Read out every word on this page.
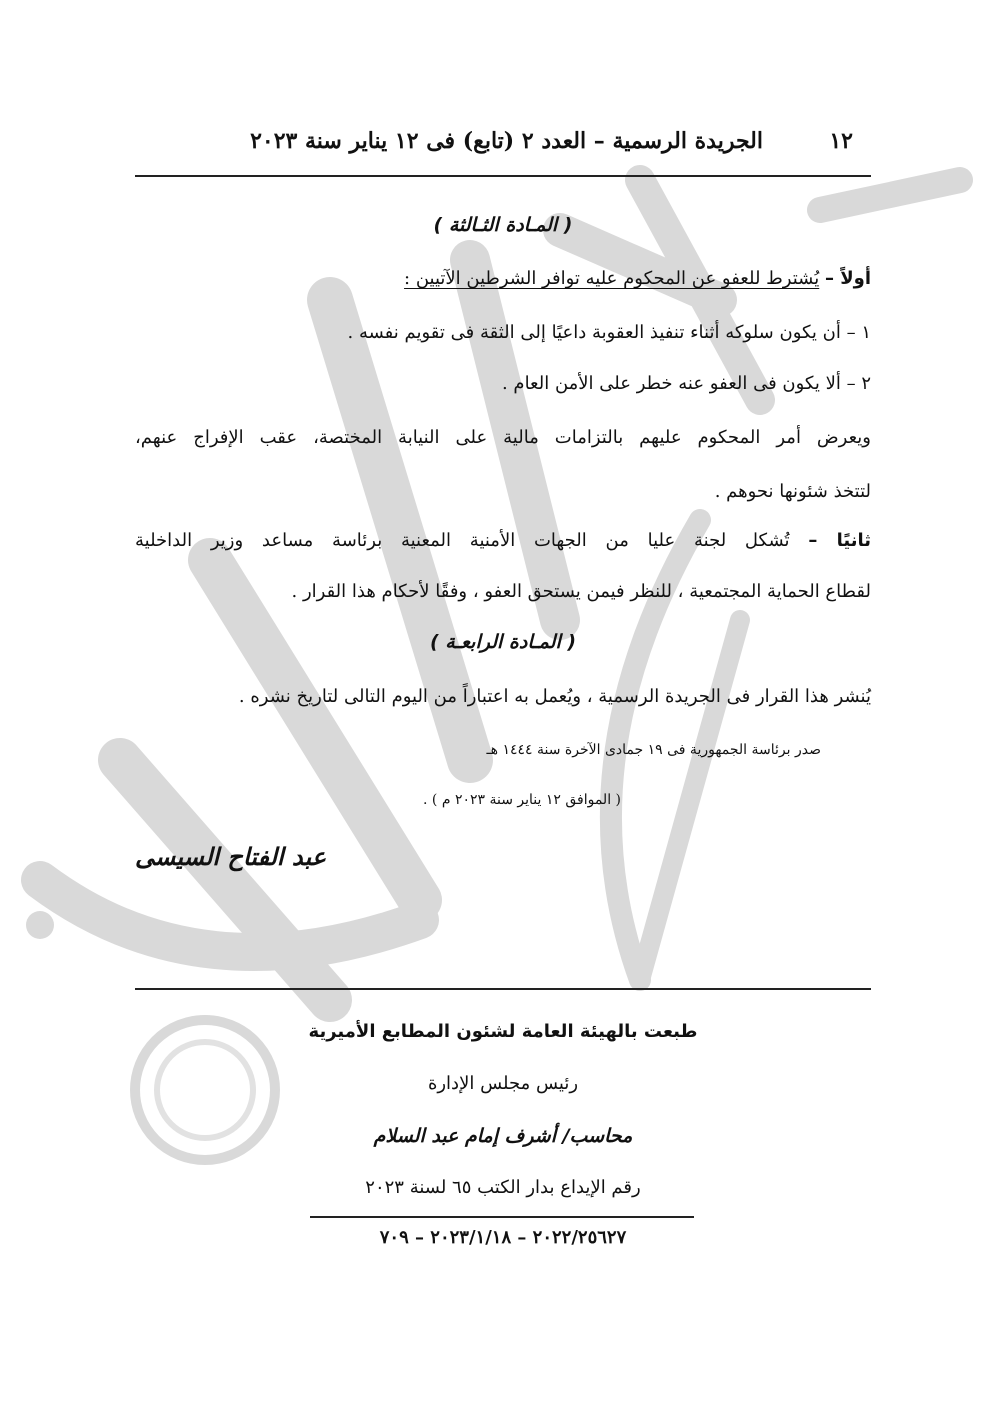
١٢
الجريدة الرسمية – العدد ٢ (تابع) فى ١٢ يناير سنة ٢٠٢٣
( المـادة الثـالثة )
أولاً – يُشترط للعفو عن المحكوم عليه توافر الشرطين الآتيين :
١ – أن يكون سلوكه أثناء تنفيذ العقوبة داعيًا إلى الثقة فى تقويم نفسه .
٢ – ألا يكون فى العفو عنه خطر على الأمن العام .
ويعرض أمر المحكوم عليهم بالتزامات مالية على النيابة المختصة، عقب الإفراج عنهم،
لتتخذ شئونها نحوهم .
ثانيًا – تُشكل لجنة عليا من الجهات الأمنية المعنية برئاسة مساعد وزير الداخلية
لقطاع الحماية المجتمعية ، للنظر فيمن يستحق العفو ، وفقًا لأحكام هذا القرار .
( المـادة الرابعـة )
يُنشر هذا القرار فى الجريدة الرسمية ، ويُعمل به اعتباراً من اليوم التالى لتاريخ نشره .
صدر برئاسة الجمهورية فى ١٩ جمادى الآخرة سنة ١٤٤٤ هـ
( الموافق ١٢ يناير سنة ٢٠٢٣ م ) .
عبد الفتاح السيسى
طبعت بالهيئة العامة لشئون المطابع الأميرية
رئيس مجلس الإدارة
محاسب/ أشرف إمام عبد السلام
رقم الإيداع بدار الكتب ٦٥ لسنة ٢٠٢٣
٢٠٢٢/٢٥٦٢٧ – ٢٠٢٣/١/١٨ – ٧٠٩
